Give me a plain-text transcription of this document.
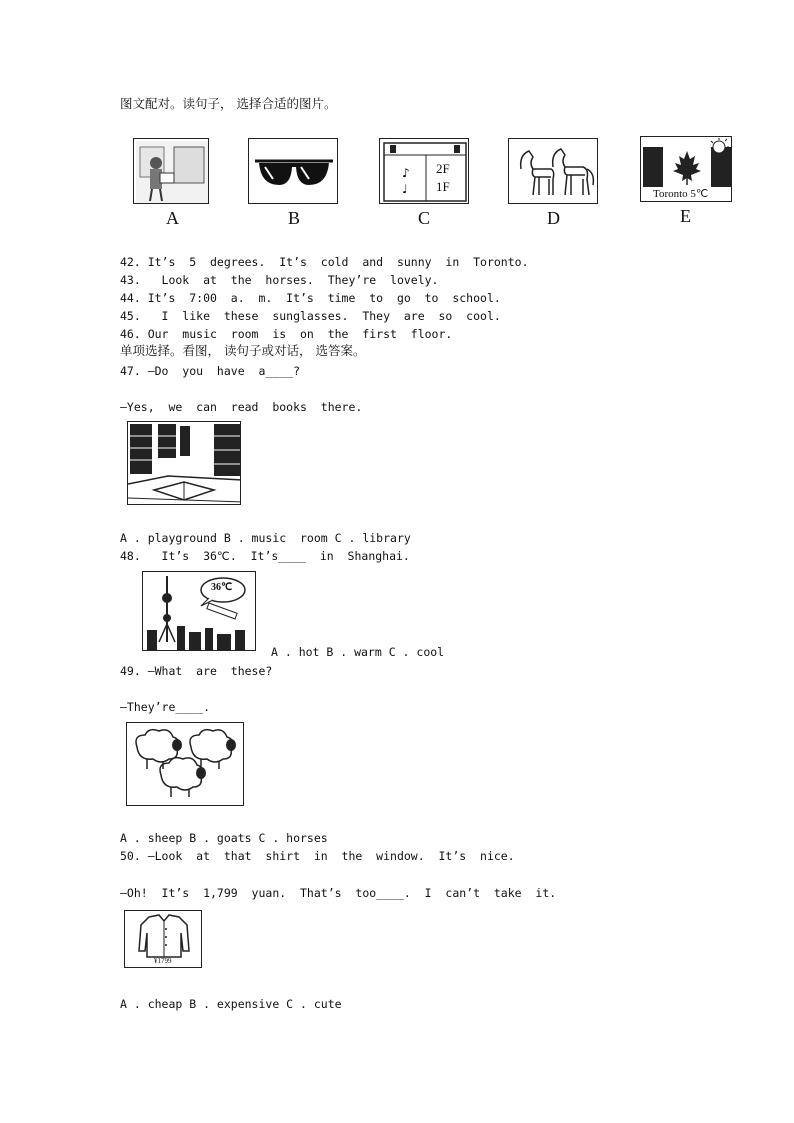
图文配对。读句子， 选择合适的图片。
A	B
♪
♩
2F
1F
C	D
Toronto 5℃
E
42. It’s  5  degrees.  It’s  cold  and  sunny  in  Toronto.
43.   Look  at  the  horses.  They’re  lovely.
44. It’s  7:00  a.  m.  It’s  time  to  go  to  school.
45.   I  like  these  sunglasses.  They  are  so  cool.
46. Our  music  room  is  on  the  first  floor.
单项选择。看图， 读句子或对话， 选答案。
47. —Do  you  have  a____?
—Yes,  we  can  read  books  there.
A . playground B . music  room C . library
48.   It’s  36℃.  It’s____  in  Shanghai.
36℃
A . hot B . warm C . cool
49. —What  are  these?
—They’re____.
A . sheep B . goats C . horses
50. —Look  at  that  shirt  in  the  window.  It’s  nice.
—Oh!  It’s  1,799  yuan.  That’s  too____.  I  can’t  take  it.
¥1799
A . cheap B . expensive C . cute
